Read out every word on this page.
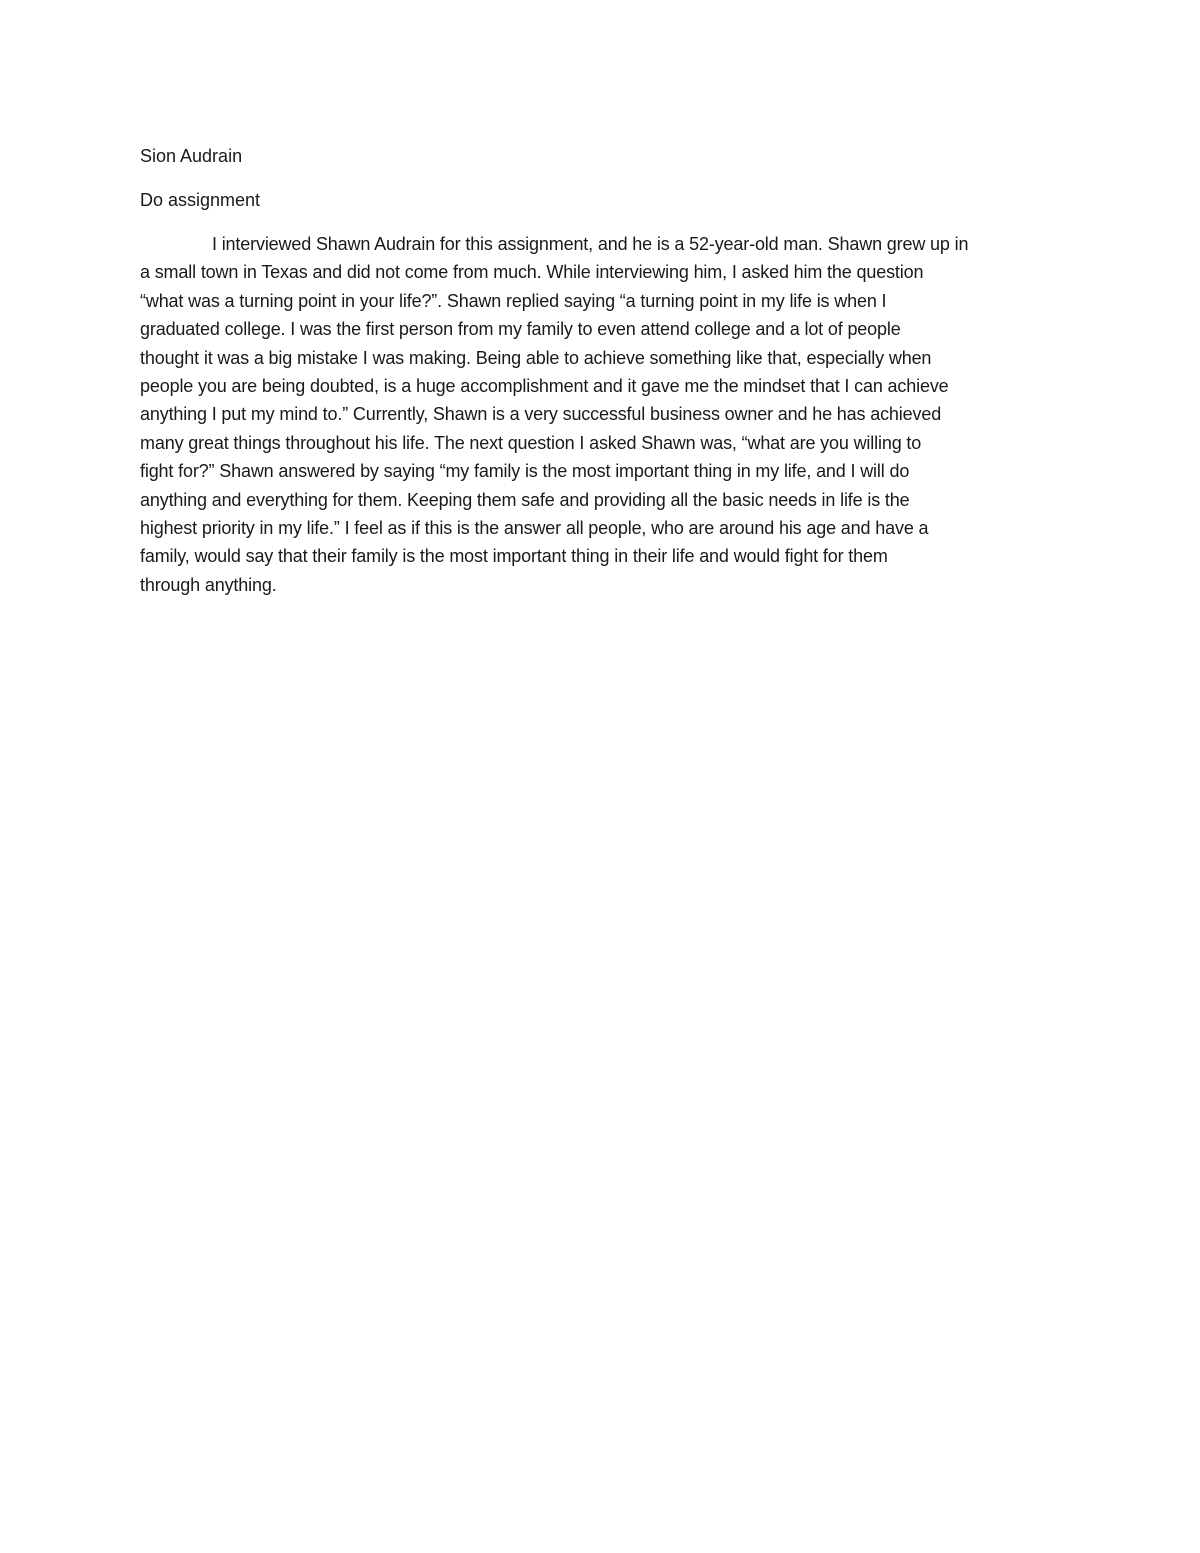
Sion Audrain

Do assignment

I interviewed Shawn Audrain for this assignment, and he is a 52-year-old man. Shawn grew up in
a small town in Texas and did not come from much. While interviewing him, I asked him the question
“what was a turning point in your life?”. Shawn replied saying “a turning point in my life is when I
graduated college. I was the first person from my family to even attend college and a lot of people
thought it was a big mistake I was making. Being able to achieve something like that, especially when
people you are being doubted, is a huge accomplishment and it gave me the mindset that I can achieve
anything I put my mind to.” Currently, Shawn is a very successful business owner and he has achieved
many great things throughout his life. The next question I asked Shawn was, “what are you willing to
fight for?” Shawn answered by saying “my family is the most important thing in my life, and I will do
anything and everything for them. Keeping them safe and providing all the basic needs in life is the
highest priority in my life.” I feel as if this is the answer all people, who are around his age and have a
family, would say that their family is the most important thing in their life and would fight for them
through anything.
